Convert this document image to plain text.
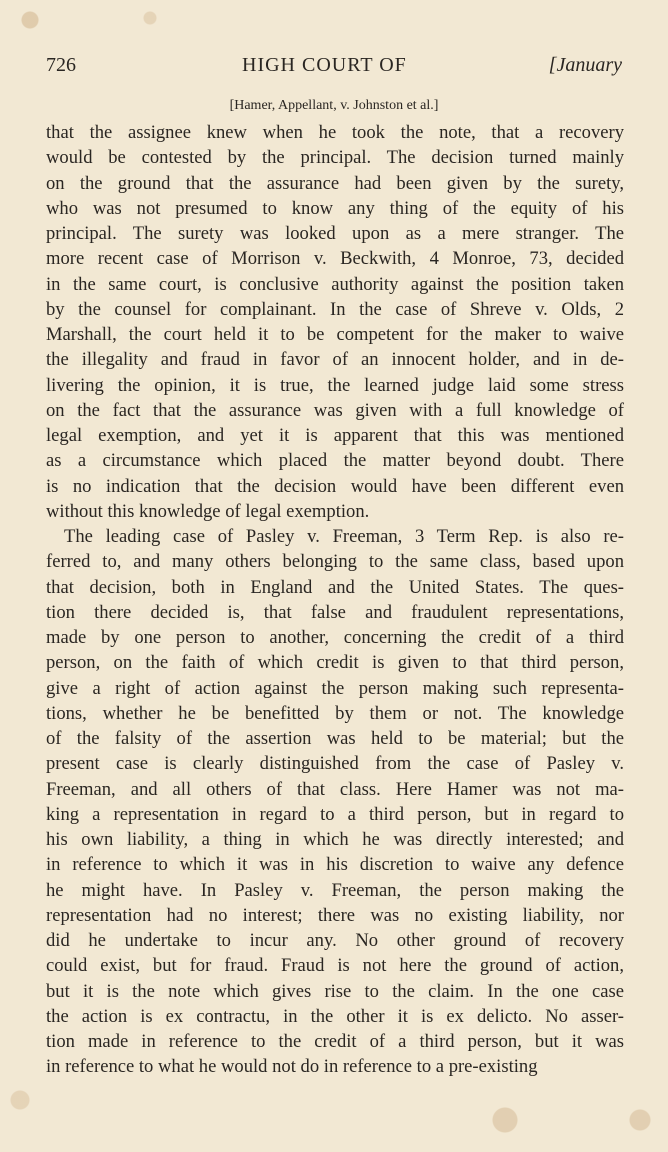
726	HIGH COURT OF	[January
[Hamer, Appellant, v. Johnston et al.]
that the assignee knew when he took the note, that a recovery
would be contested by the principal. The decision turned mainly
on the ground that the assurance had been given by the surety,
who was not presumed to know any thing of the equity of his
principal. The surety was looked upon as a mere stranger. The
more recent case of Morrison v. Beckwith, 4 Monroe, 73, decided
in the same court, is conclusive authority against the position taken
by the counsel for complainant. In the case of Shreve v. Olds, 2
Marshall, the court held it to be competent for the maker to waive
the illegality and fraud in favor of an innocent holder, and in de-
livering the opinion, it is true, the learned judge laid some stress
on the fact that the assurance was given with a full knowledge of
legal exemption, and yet it is apparent that this was mentioned
as a circumstance which placed the matter beyond doubt. There
is no indication that the decision would have been different even
without this knowledge of legal exemption.
The leading case of Pasley v. Freeman, 3 Term Rep. is also re-
ferred to, and many others belonging to the same class, based upon
that decision, both in England and the United States. The ques-
tion there decided is, that false and fraudulent representations,
made by one person to another, concerning the credit of a third
person, on the faith of which credit is given to that third person,
give a right of action against the person making such representa-
tions, whether he be benefitted by them or not. The knowledge
of the falsity of the assertion was held to be material; but the
present case is clearly distinguished from the case of Pasley v.
Freeman, and all others of that class. Here Hamer was not ma-
king a representation in regard to a third person, but in regard to
his own liability, a thing in which he was directly interested; and
in reference to which it was in his discretion to waive any defence
he might have. In Pasley v. Freeman, the person making the
representation had no interest; there was no existing liability, nor
did he undertake to incur any. No other ground of recovery
could exist, but for fraud. Fraud is not here the ground of action,
but it is the note which gives rise to the claim. In the one case
the action is ex contractu, in the other it is ex delicto. No asser-
tion made in reference to the credit of a third person, but it was
in reference to what he would not do in reference to a pre-existing
